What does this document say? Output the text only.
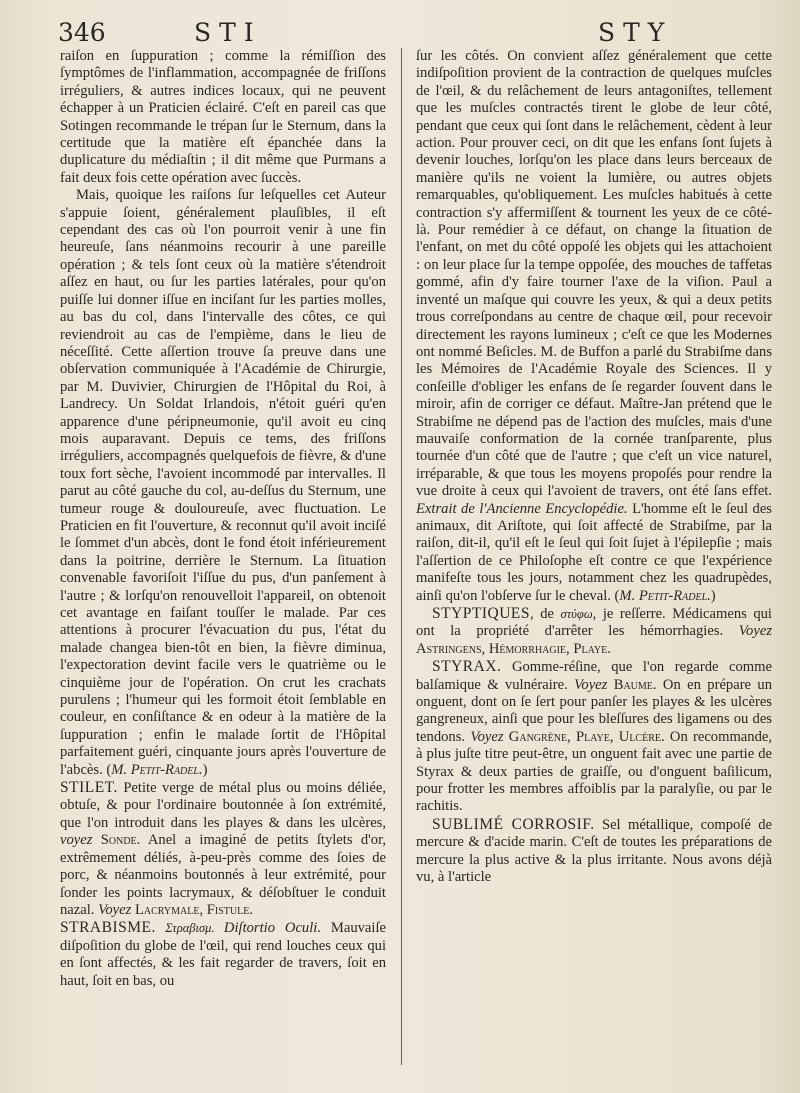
346	STI	STY

raiſon en ſuppuration ; comme la rémiſſion des ſymptômes de l'inflammation, accompagnée de friſſons irréguliers, & autres indices locaux, qui ne peuvent échapper à un Praticien éclairé. C'eſt en pareil cas que Sotingen recommande le trépan ſur le Sternum, dans la certitude que la matière eſt épanchée dans la duplicature du médiaſtin ; il dit même que Purmans a fait deux fois cette opération avec ſuccès.

Mais, quoique les raiſons ſur leſquelles cet Auteur s'appuie ſoient, généralement plauſibles, il eſt cependant des cas où l'on pourroit venir à une fin heureuſe, ſans néanmoins recourir à une pareille opération ; & tels ſont ceux où la matière s'étendroit aſſez en haut, ou ſur les parties latérales, pour qu'on puiſſe lui donner iſſue en inciſant ſur les parties molles, au bas du col, dans l'intervalle des côtes, ce qui reviendroit au cas de l'empième, dans le lieu de néceſſité. Cette aſſertion trouve ſa preuve dans une obſervation communiquée à l'Académie de Chirurgie, par M. Duvivier, Chirurgien de l'Hôpital du Roi, à Landrecy. Un Soldat Irlandois, n'étoit guéri qu'en apparence d'une péripneumonie, qu'il avoit eu cinq mois auparavant. Depuis ce tems, des friſſons irréguliers, accompagnés quelquefois de fièvre, & d'une toux fort sèche, l'avoient incommodé par intervalles. Il parut au côté gauche du col, au-deſſus du Sternum, une tumeur rouge & douloureuſe, avec fluctuation. Le Praticien en fit l'ouverture, & reconnut qu'il avoit inciſé le ſommet d'un abcès, dont le fond étoit inférieurement dans la poitrine, derrière le Sternum. La ſituation convenable favoriſoit l'iſſue du pus, d'un panſement à l'autre ; & lorſqu'on renouvelloit l'appareil, on obtenoit cet avantage en faiſant touſſer le malade. Par ces attentions à procurer l'évacuation du pus, l'état du malade changea bien-tôt en bien, la fièvre diminua, l'expectoration devint facile vers le quatrième ou le cinquième jour de l'opération. On crut les crachats purulens ; l'humeur qui les formoit étoit ſemblable en couleur, en conſiſtance & en odeur à la matière de la ſuppuration ; enfin le malade ſortit de l'Hôpital parfaitement guéri, cinquante jours après l'ouverture de l'abcès. (M. Petit-Radel.)

STILET. Petite verge de métal plus ou moins déliée, obtuſe, & pour l'ordinaire boutonnée à ſon extrémité, que l'on introduit dans les playes & dans les ulcères, voyez Sonde. Anel a imaginé de petits ſtylets d'or, extrêmement déliés, à-peu-près comme des ſoies de porc, & néanmoins boutonnés à leur extrémité, pour ſonder les points lacrymaux, & déſobſtuer le conduit nazal. Voyez Lacrymale, Fistule.

STRABISME. Στραβισμ. Diſtortio Oculi. Mauvaiſe diſpoſition du globe de l'œil, qui rend louches ceux qui en ſont affectés, & les fait regarder de travers, ſoit en haut, ſoit en bas, ou

ſur les côtés. On convient aſſez généralement que cette indiſpoſition provient de la contraction de quelques muſcles de l'œil, & du relâchement de leurs antagoniſtes, tellement que les muſcles contractés tirent le globe de leur côté, pendant que ceux qui ſont dans le relâchement, cèdent à leur action. Pour prouver ceci, on dit que les enfans ſont ſujets à devenir louches, lorſqu'on les place dans leurs berceaux de manière qu'ils ne voient la lumière, ou autres objets remarquables, qu'obliquement. Les muſcles habitués à cette contraction s'y affermiſſent & tournent les yeux de ce côté-là. Pour remédier à ce défaut, on change la ſituation de l'enfant, on met du côté oppoſé les objets qui les attachoient : on leur place ſur la tempe oppoſée, des mouches de taffetas gommé, afin d'y faire tourner l'axe de la viſion. Paul a inventé un maſque qui couvre les yeux, & qui a deux petits trous correſpondans au centre de chaque œil, pour recevoir directement les rayons lumineux ; c'eſt ce que les Modernes ont nommé Beſicles. M. de Buffon a parlé du Strabiſme dans les Mémoires de l'Académie Royale des Sciences. Il y conſeille d'obliger les enfans de ſe regarder ſouvent dans le miroir, afin de corriger ce défaut. Maître-Jan prétend que le Strabiſme ne dépend pas de l'action des muſcles, mais d'une mauvaiſe conformation de la cornée tranſparente, plus tournée d'un côté que de l'autre ; que c'eſt un vice naturel, irréparable, & que tous les moyens propoſés pour rendre la vue droite à ceux qui l'avoient de travers, ont été ſans effet. Extrait de l'Ancienne Encyclopédie. L'homme eſt le ſeul des animaux, dit Ariſtote, qui ſoit affecté de Strabiſme, par la raiſon, dit-il, qu'il eſt le ſeul qui ſoit ſujet à l'épilepſie ; mais l'aſſertion de ce Philoſophe eſt contre ce que l'expérience manifeſte tous les jours, notamment chez les quadrupèdes, ainſi qu'on l'obſerve ſur le cheval. (M. Petit-Radel.)

STYPTIQUES, de στύφω, je reſſerre. Médicamens qui ont la propriété d'arrêter les hémorrhagies. Voyez Astringens, Hémorrhagie, Playe.

STYRAX. Gomme-réſine, que l'on regarde comme balſamique & vulnéraire. Voyez Baume. On en prépare un onguent, dont on ſe ſert pour panſer les playes & les ulcères gangreneux, ainſi que pour les bleſſures des ligamens ou des tendons. Voyez Gangrène, Playe, Ulcère. On recommande, à plus juſte titre peut-être, un onguent fait avec une partie de Styrax & deux parties de graiſſe, ou d'onguent baſilicum, pour frotter les membres affoiblis par la paralyſie, ou par le rachitis.

SUBLIMÉ CORROSIF. Sel métallique, compoſé de mercure & d'acide marin. C'eſt de toutes les préparations de mercure la plus active & la plus irritante. Nous avons déjà vu, à l'article
